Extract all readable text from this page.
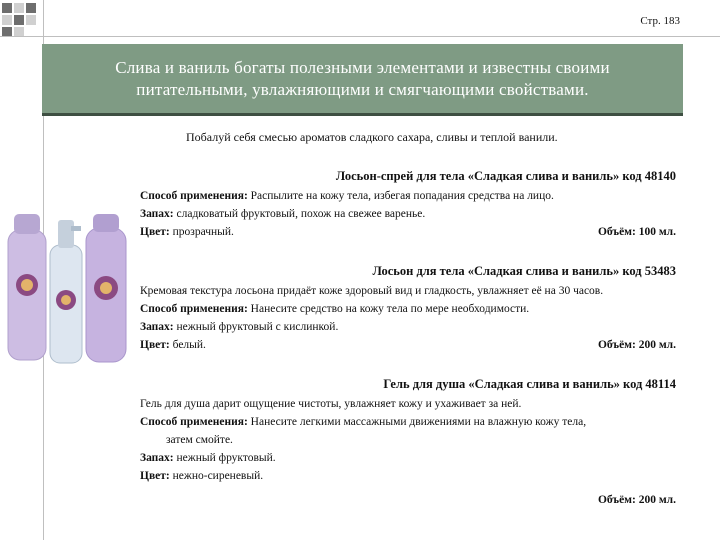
Стр. 183
Слива и ваниль богаты полезными элементами и известны своими
питательными, увлажняющими и смягчающими свойствами.
Побалуй себя смесью ароматов сладкого сахара, сливы и теплой ванили.
Лосьон-спрей для тела «Сладкая слива и ваниль» код 48140
Способ применения: Распылите на кожу тела, избегая попадания средства на лицо.
Запах: сладковатый фруктовый, похож на свежее варенье.
Цвет: прозрачный.	Объём: 100 мл.
Лосьон для тела «Сладкая слива и ваниль» код 53483
Кремовая текстура лосьона придаёт коже здоровый вид и гладкость, увлажняет её на 30 часов.
Способ применения: Нанесите средство на кожу тела по мере необходимости.
Запах: нежный фруктовый с кислинкой.
Цвет: белый.	Объём: 200 мл.
Гель для душа «Сладкая слива и ваниль» код 48114
Гель для душа дарит ощущение чистоты, увлажняет кожу и ухаживает за ней.
Способ применения: Нанесите легкими массажными движениями на влажную кожу тела,
затем смойте.
Запах: нежный фруктовый.
Цвет: нежно-сиреневый.
Объём: 200 мл.
